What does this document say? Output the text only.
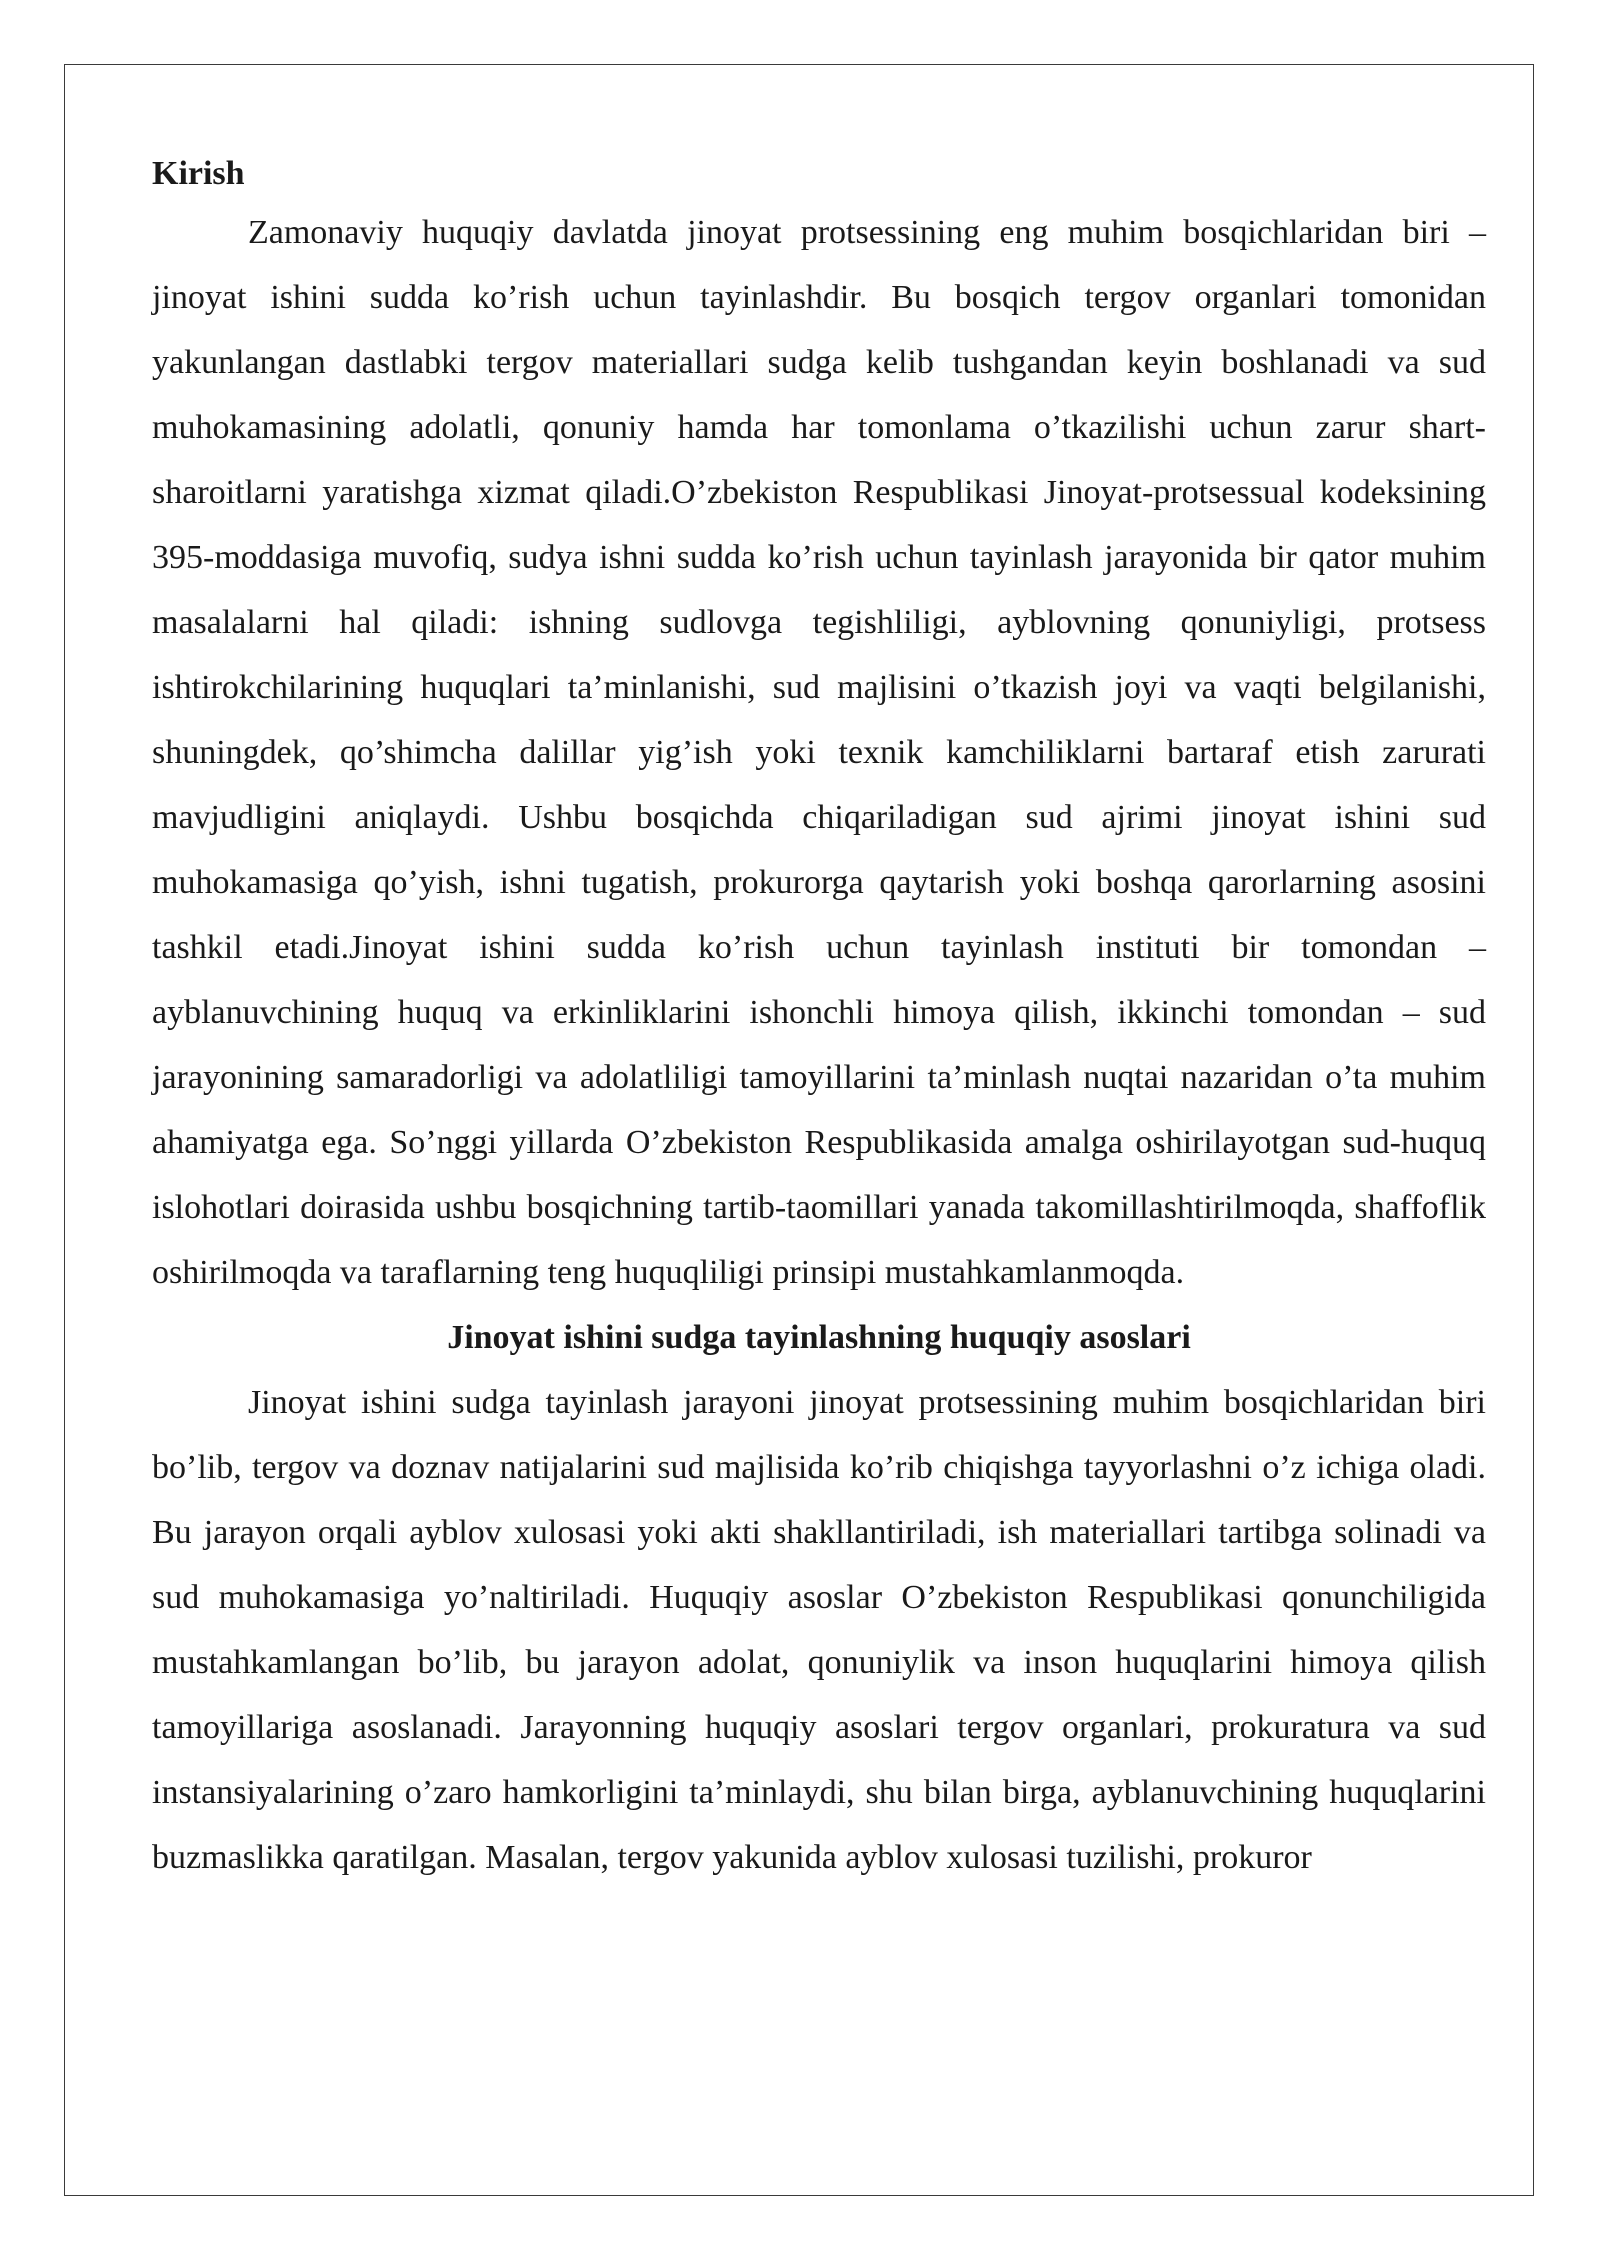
Kirish

Zamonaviy huquqiy davlatda jinoyat protsessining eng muhim bosqichlaridan biri – jinoyat ishini sudda ko’rish uchun tayinlashdir. Bu bosqich tergov organlari tomonidan yakunlangan dastlabki tergov materiallari sudga kelib tushgandan keyin boshlanadi va sud muhokamasining adolatli, qonuniy hamda har tomonlama o’tkazilishi uchun zarur shart-sharoitlarni yaratishga xizmat qiladi.O’zbekiston Respublikasi Jinoyat-protsessual kodeksining 395-moddasiga muvofiq, sudya ishni sudda ko’rish uchun tayinlash jarayonida bir qator muhim masalalarni hal qiladi: ishning sudlovga tegishliligi, ayblovning qonuniyligi, protsess ishtirokchilarining huquqlari ta’minlanishi, sud majlisini o’tkazish joyi va vaqti belgilanishi, shuningdek, qo’shimcha dalillar yig’ish yoki texnik kamchiliklarni bartaraf etish zarurati mavjudligini aniqlaydi. Ushbu bosqichda chiqariladigan sud ajrimi jinoyat ishini sud muhokamasiga qo’yish, ishni tugatish, prokurorga qaytarish yoki boshqa qarorlarning asosini tashkil etadi.Jinoyat ishini sudda ko’rish uchun tayinlash instituti bir tomondan – ayblanuvchining huquq va erkinliklarini ishonchli himoya qilish, ikkinchi tomondan – sud jarayonining samaradorligi va adolatliligi tamoyillarini ta’minlash nuqtai nazaridan o’ta muhim ahamiyatga ega. So’nggi yillarda O’zbekiston Respublikasida amalga oshirilayotgan sud-huquq islohotlari doirasida ushbu bosqichning tartib-taomillari yanada takomillashtirilmoqda, shaffoflik oshirilmoqda va taraflarning teng huquqliligi prinsipi mustahkamlanmoqda.

Jinoyat ishini sudga tayinlashning huquqiy asoslari

Jinoyat ishini sudga tayinlash jarayoni jinoyat protsessining muhim bosqichlaridan biri bo’lib, tergov va doznav natijalarini sud majlisida ko’rib chiqishga tayyorlashni o’z ichiga oladi. Bu jarayon orqali ayblov xulosasi yoki akti shakllantiriladi, ish materiallari tartibga solinadi va sud muhokamasiga yo’naltiriladi. Huquqiy asoslar O’zbekiston Respublikasi qonunchiligida mustahkamlangan bo’lib, bu jarayon adolat, qonuniylik va inson huquqlarini himoya qilish tamoyillariga asoslanadi. Jarayonning huquqiy asoslari tergov organlari, prokuratura va sud instansiyalarining o’zaro hamkorligini ta’minlaydi, shu bilan birga, ayblanuvchining huquqlarini buzmaslikka qaratilgan. Masalan, tergov yakunida ayblov xulosasi tuzilishi, prokuror
